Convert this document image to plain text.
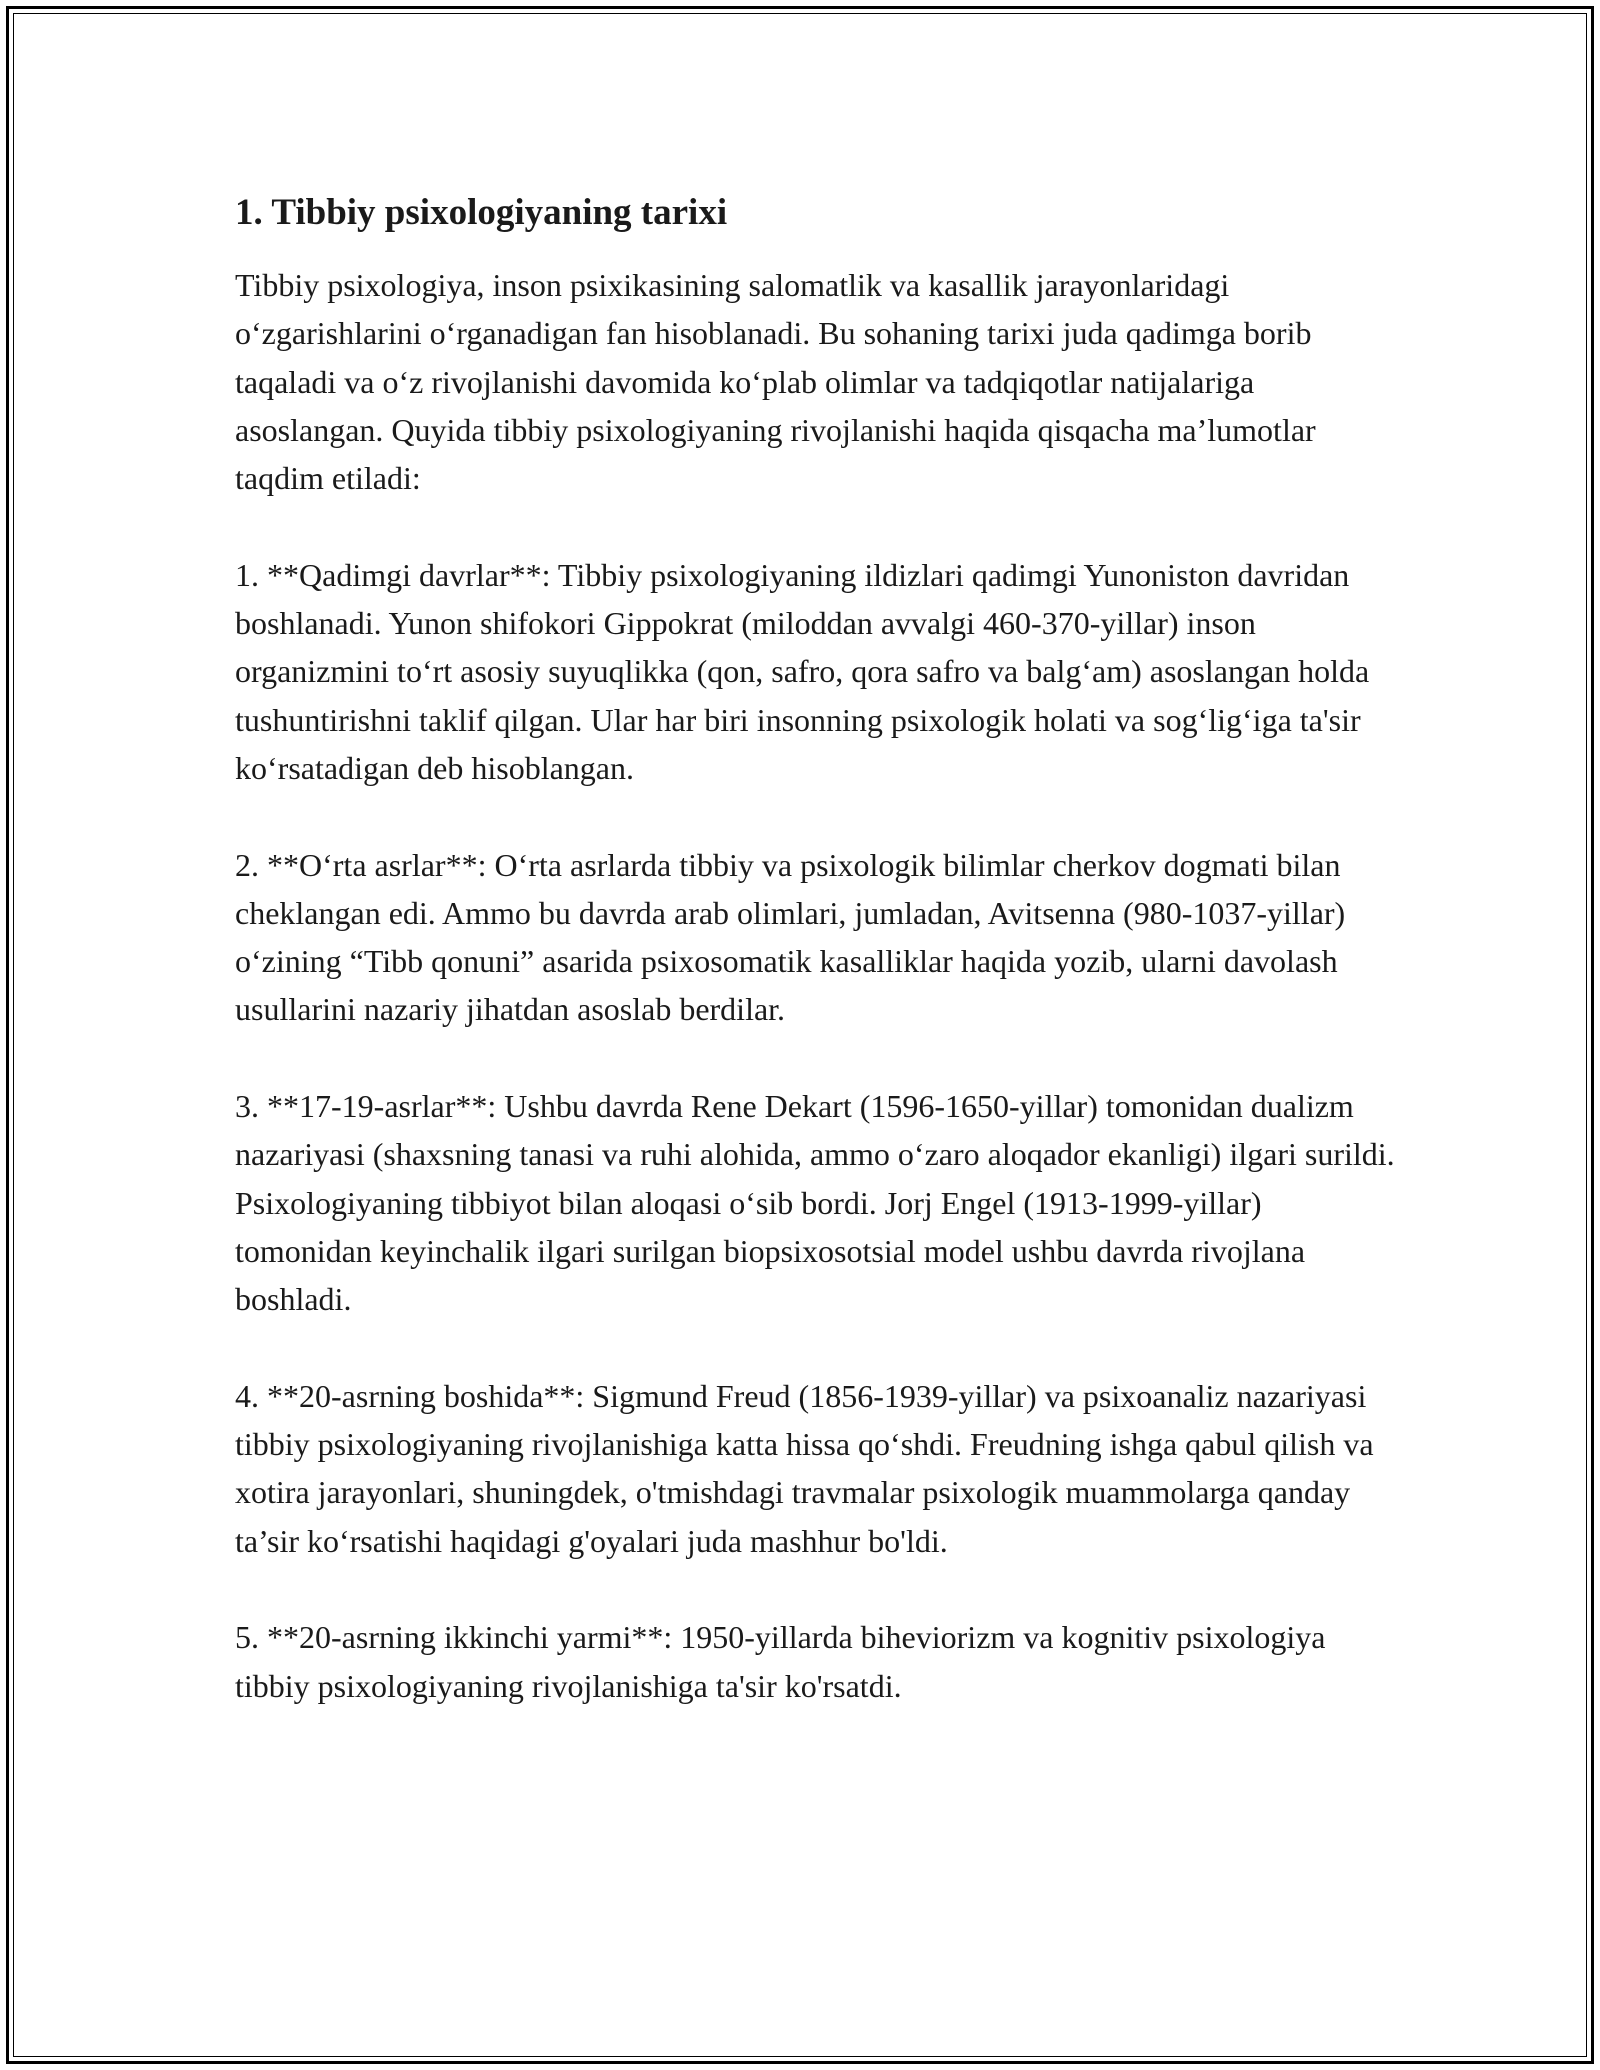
1. Tibbiy psixologiyaning tarixi

Tibbiy psixologiya, inson psixikasining salomatlik va kasallik jarayonlaridagi o‘zgarishlarini o‘rganadigan fan hisoblanadi. Bu sohaning tarixi juda qadimga borib taqaladi va o‘z rivojlanishi davomida ko‘plab olimlar va tadqiqotlar natijalariga asoslangan. Quyida tibbiy psixologiyaning rivojlanishi haqida qisqacha ma’lumotlar taqdim etiladi:

1. **Qadimgi davrlar**: Tibbiy psixologiyaning ildizlari qadimgi Yunoniston davridan boshlanadi. Yunon shifokori Gippokrat (miloddan avvalgi 460-370-yillar) inson organizmini to‘rt asosiy suyuqlikka (qon, safro, qora safro va balg‘am) asoslangan holda tushuntirishni taklif qilgan. Ular har biri insonning psixologik holati va sog‘lig‘iga ta'sir ko‘rsatadigan deb hisoblangan.

2. **O‘rta asrlar**: O‘rta asrlarda tibbiy va psixologik bilimlar cherkov dogmati bilan cheklangan edi. Ammo bu davrda arab olimlari, jumladan, Avitsenna (980-1037-yillar) o‘zining “Tibb qonuni” asarida psixosomatik kasalliklar haqida yozib, ularni davolash usullarini nazariy jihatdan asoslab berdilar.

3. **17-19-asrlar**: Ushbu davrda Rene Dekart (1596-1650-yillar) tomonidan dualizm nazariyasi (shaxsning tanasi va ruhi alohida, ammo o‘zaro aloqador ekanligi) ilgari surildi. Psixologiyaning tibbiyot bilan aloqasi o‘sib bordi. Jorj Engel (1913-1999-yillar) tomonidan keyinchalik ilgari surilgan biopsixosotsial model ushbu davrda rivojlana boshladi.

4. **20-asrning boshida**: Sigmund Freud (1856-1939-yillar) va psixoanaliz nazariyasi tibbiy psixologiyaning rivojlanishiga katta hissa qo‘shdi. Freudning ishga qabul qilish va xotira jarayonlari, shuningdek, o'tmishdagi travmalar psixologik muammolarga qanday ta’sir ko‘rsatishi haqidagi g'oyalari juda mashhur bo'ldi.

5. **20-asrning ikkinchi yarmi**: 1950-yillarda biheviorizm va kognitiv psixologiya tibbiy psixologiyaning rivojlanishiga ta'sir ko'rsatdi.
